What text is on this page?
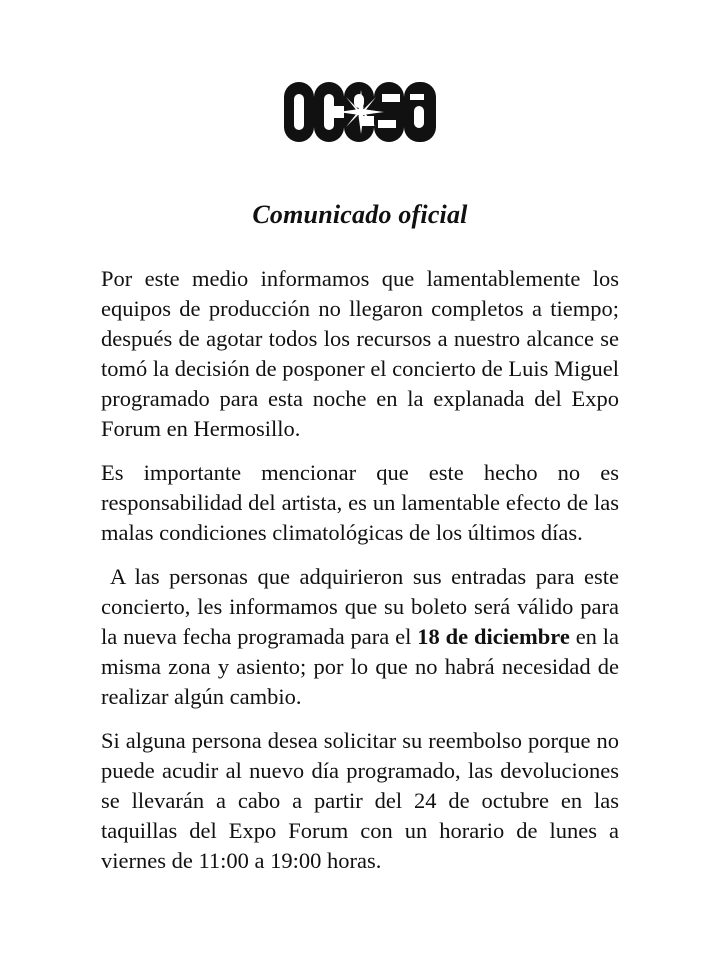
Comunicado oficial

Por este medio informamos que lamentablemente los equipos de producción no llegaron completos a tiempo; después de agotar todos los recursos a nuestro alcance se tomó la decisión de posponer el concierto de Luis Miguel programado para esta noche en la explanada del Expo Forum en Hermosillo.

Es importante mencionar que este hecho no es responsabilidad del artista, es un lamentable efecto de las malas condiciones climatológicas de los últimos días.

A las personas que adquirieron sus entradas para este concierto, les informamos que su boleto será válido para la nueva fecha programada para el 18 de diciembre en la misma zona y asiento; por lo que no habrá necesidad de realizar algún cambio.

Si alguna persona desea solicitar su reembolso porque no puede acudir al nuevo día programado, las devoluciones se llevarán a cabo a partir del 24 de octubre en las taquillas del Expo Forum con un horario de lunes a viernes de 11:00 a 19:00 horas.
